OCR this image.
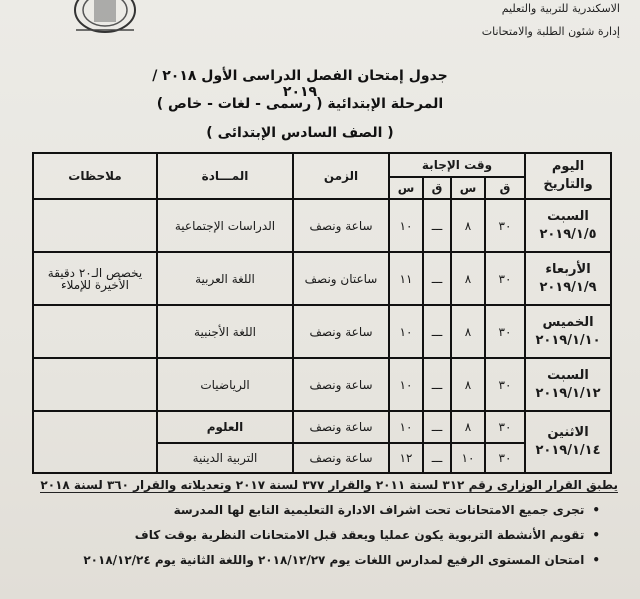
الاسكندرية للتربية والتعليم
إدارة شئون الطلبة والامتحانات
جدول إمتحان الفصل الدراسى الأول ٢٠١٨ / ٢٠١٩
المرحلة الإبتدائية ( رسمى - لغات - خاص )
( الصف السادس الإبتدائى )
اليوم والتاريخ	وقت الإجابة				الزمن	المـــادة	ملاحظات
	ق	س	ق	س			

السبت
٢٠١٩/١/٥	٣٠	٨	ـــ	١٠	ساعة ونصف	الدراسات الإجتماعية	

الأربعاء
٢٠١٩/١/٩	٣٠	٨	ـــ	١١	ساعتان ونصف	اللغة العربية	يخصص الـ٢٠ دقيقة الأخيرة للإملاء

الخميس
٢٠١٩/١/١٠	٣٠	٨	ـــ	١٠	ساعة ونصف	اللغة الأجنبية	

السبت
٢٠١٩/١/١٢	٣٠	٨	ـــ	١٠	ساعة ونصف	الرياضيات	

الاثنين
٢٠١٩/١/١٤	٣٠	٨	ـــ	١٠	ساعة ونصف	العلوم	
	٣٠	١٠	ـــ	١٢	ساعة ونصف	التربية الدينية	
يطبق القرار الوزارى رقم ٣١٢ لسنة ٢٠١١ والقرار ٣٧٧ لسنة ٢٠١٧ وتعديلاته والقرار ٣٦٠ لسنة ٢٠١٨
• تجرى جميع الامتحانات تحت اشراف الادارة التعليمية التابع لها المدرسة
• تقويم الأنشطة التربوية يكون عمليا ويعقد قبل الامتحانات النظرية بوقت كاف
• امتحان المستوى الرفيع لمدارس اللغات يوم ٢٠١٨/١٢/٢٧ واللغة الثانية يوم ٢٠١٨/١٢/٢٤
